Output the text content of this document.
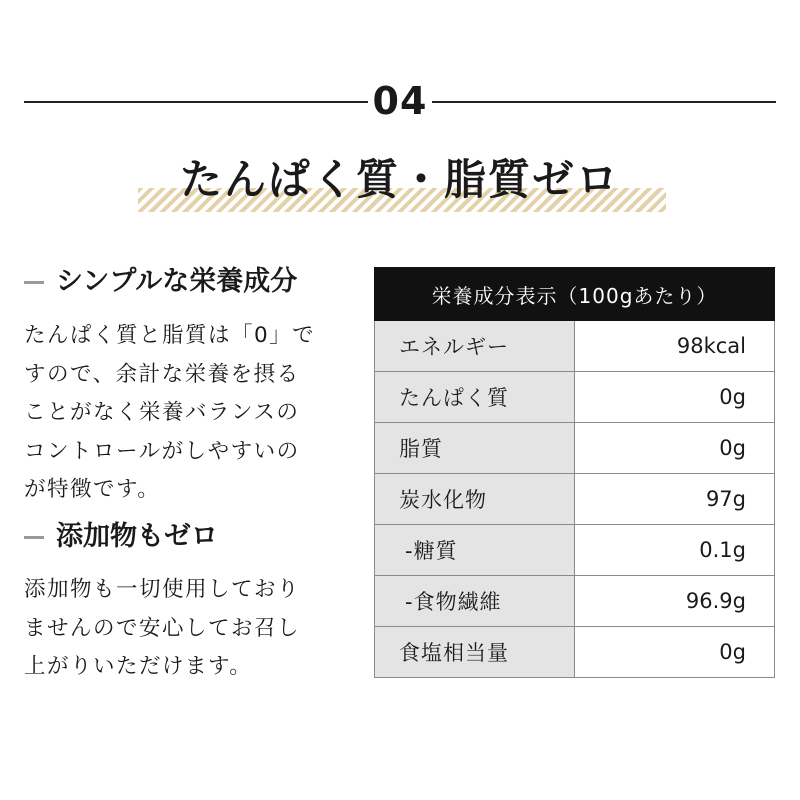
04
たんぱく質・脂質ゼロ
シンプルな栄養成分

たんぱく質と脂質は「0」で
すので、余計な栄養を摂る
ことがなく栄養バランスの
コントロールがしやすいの
が特徴です。

添加物もゼロ

添加物も一切使用しており
ませんので安心してお召し
上がりいただけます。

栄養成分表示（100gあたり）	
エネルギー	98kcal
たんぱく質	0g
脂質	0g
炭水化物	97g
-糖質	0.1g
-食物繊維	96.9g
食塩相当量	0g
